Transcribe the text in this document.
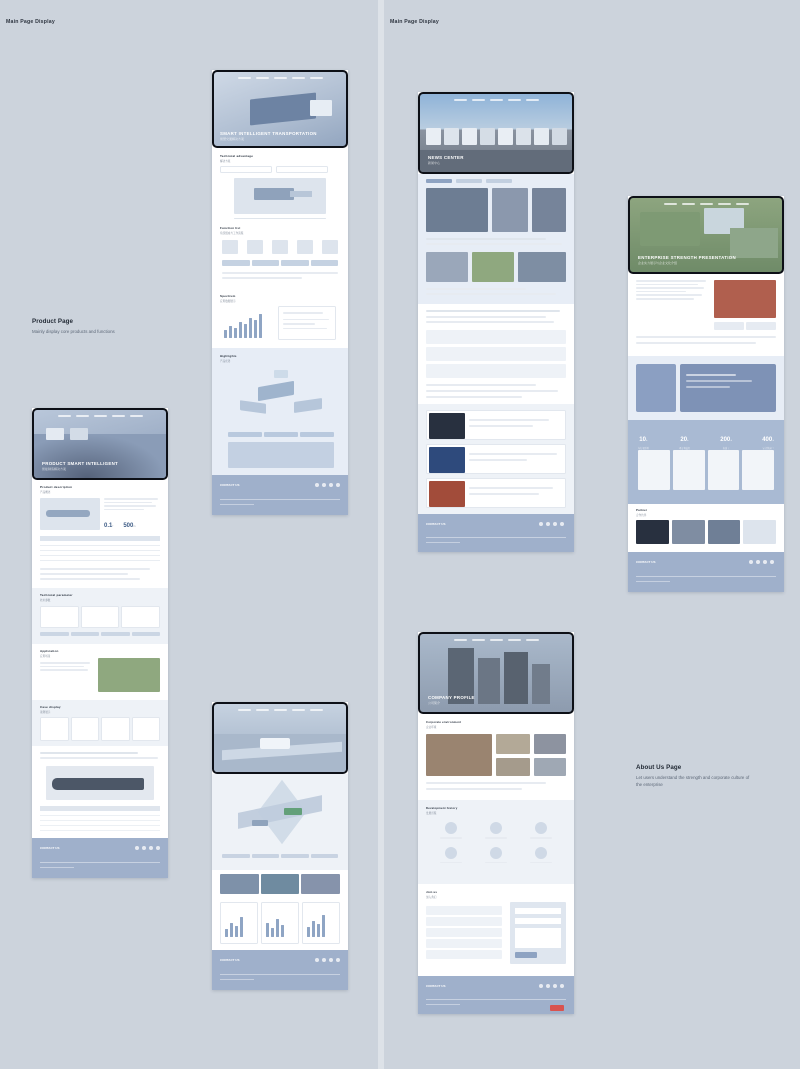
Main Page Display	Main Page Display
SMART INTELLIGENT TRANSPORTATION
智慧交通解决方案
Technical advantage
解决方案
Function list
系统组成与工作流程
Spectrum
应用数据展示
Highlights
产品优势
CONTACT US
PRODUCT SMART INTELLIGENT
智能制造解决方案
Product description
产品概述
0.1° 500m
Technical parameter
技术参数
Application
应用场景
Case display
案例展示
CONTACT US
CONTACT US
NEWS CENTER
新闻中心
CONTACT US
ENTERPRISE STRENGTH PRESENTATION
企业实力展示与企业文化介绍
10+
年行业经验
20+
项专利技术
200+
名员工
400+
家合作客户
Partner
合作伙伴
CONTACT US
COMPANY PROFILE
公司简介
Corporate environment
企业环境
Development history
发展历程
Join us
加入我们
CONTACT US
Product Page

Mainly display core products and functions

About Us Page

Let users understand the strength and corporate culture of the enterprise
